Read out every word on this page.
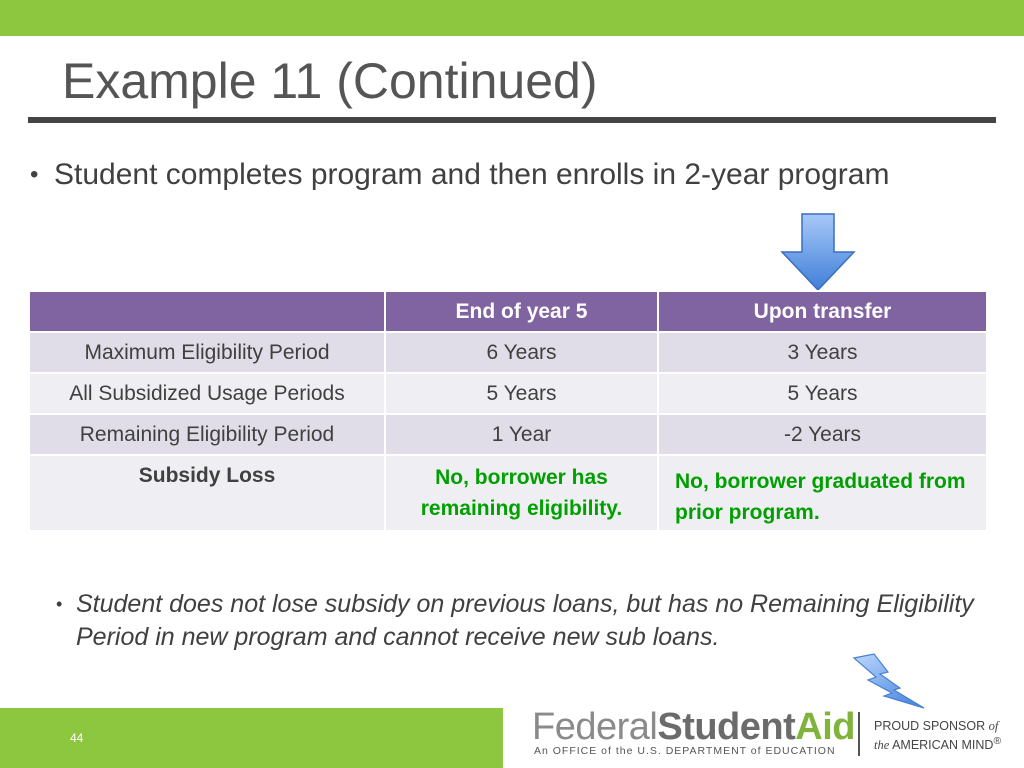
Example 11 (Continued)
• Student completes program and then enrolls in 2-year program
	End of year 5	Upon transfer
Maximum Eligibility Period	6 Years	3 Years
All Subsidized Usage Periods	5 Years	5 Years
Remaining Eligibility Period	1 Year	-2 Years
Subsidy Loss	No, borrower has remaining eligibility.	No, borrower graduated from prior program.
• Student does not lose subsidy on previous loans, but has no Remaining Eligibility Period in new program and cannot receive new sub loans.
44	FederalStudentAid
An OFFICE of the U.S. DEPARTMENT of EDUCATION
PROUD SPONSOR of
the AMERICAN MIND®
